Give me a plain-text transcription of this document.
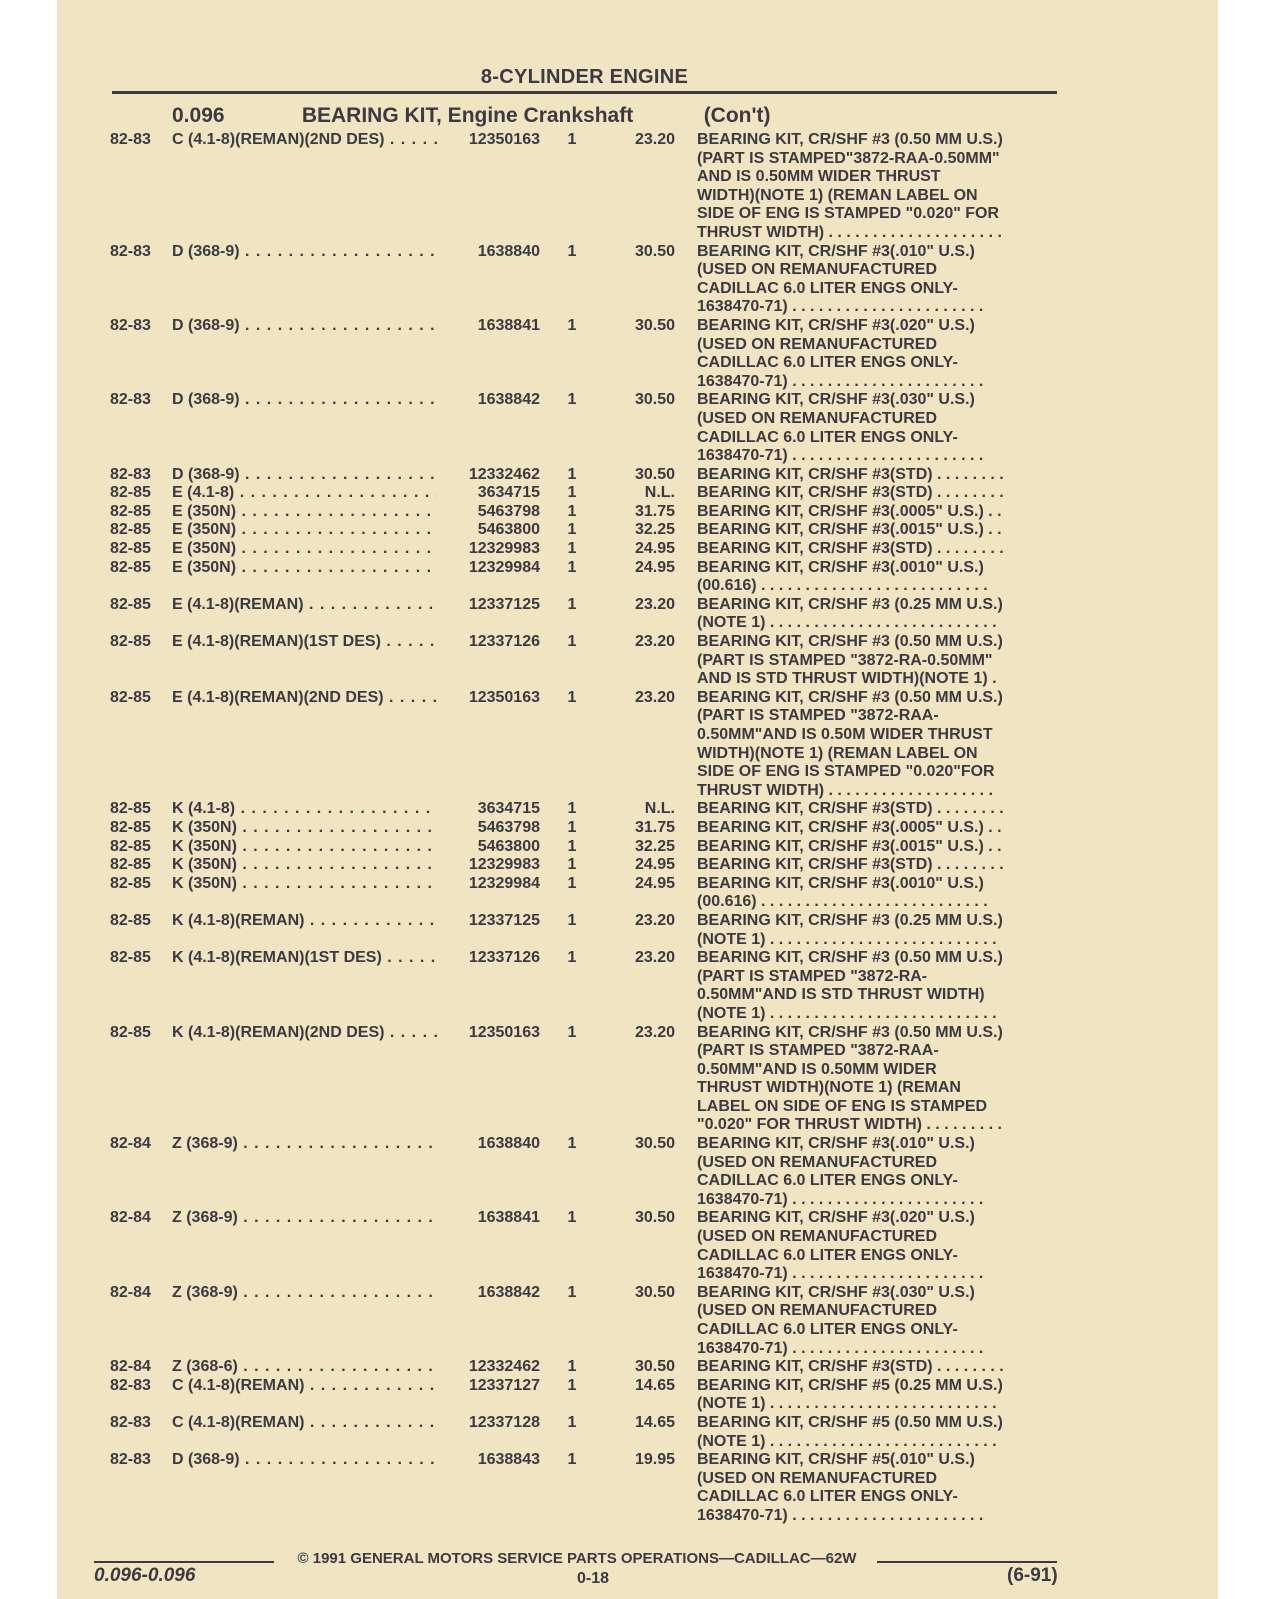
8-CYLINDER ENGINE
0.096	BEARING KIT, Engine Crankshaft	(Con't)
82-83	C (4.1-8)(REMAN)(2ND DES) . . .	12350163	1	23.20 BEARING KIT, CR/SHF #3 (0.50 MM U.S.)
(PART IS STAMPED"3872-RAA-0.50MM"
AND IS 0.50MM WIDER THRUST
WIDTH)(NOTE 1) (REMAN LABEL ON
SIDE OF ENG IS STAMPED "0.020" FOR
THRUST WIDTH) . . . . . . . . . . . . . . . . . . . .
82-83	D (368-9) . . .	1638840	1	30.50 BEARING KIT, CR/SHF #3(.010" U.S.)
(USED ON REMANUFACTURED
CADILLAC 6.0 LITER ENGS ONLY-
1638470-71) . . . . . . . . . . . . . . . . . . . . . .
82-83	D (368-9) . . .	1638841	1	30.50 BEARING KIT, CR/SHF #3(.020" U.S.)
(USED ON REMANUFACTURED
CADILLAC 6.0 LITER ENGS ONLY-
1638470-71) . . . . . . . . . . . . . . . . . . . . . .
82-83	D (368-9) . . .	1638842	1	30.50 BEARING KIT, CR/SHF #3(.030" U.S.)
(USED ON REMANUFACTURED
CADILLAC 6.0 LITER ENGS ONLY-
1638470-71) . . . . . . . . . . . . . . . . . . . . . .
82-83	D (368-9) . . .	12332462	1	30.50 BEARING KIT, CR/SHF #3(STD) . . . . . . . .
82-85	E (4.1-8) . . .	3634715	1	N.L. BEARING KIT, CR/SHF #3(STD) . . . . . . . .
82-85	E (350N) . . .	5463798	1	31.75 BEARING KIT, CR/SHF #3(.0005" U.S.) . .
82-85	E (350N) . . .	5463800	1	32.25 BEARING KIT, CR/SHF #3(.0015" U.S.) . .
82-85	E (350N) . . .	12329983	1	24.95 BEARING KIT, CR/SHF #3(STD) . . . . . . . .
82-85	E (350N) . . .	12329984	1	24.95 BEARING KIT, CR/SHF #3(.0010" U.S.)
(00.616) . . . . . . . . . . . . . . . . . . . . . . . . . .
82-85	E (4.1-8)(REMAN) . . .	12337125	1	23.20 BEARING KIT, CR/SHF #3 (0.25 MM U.S.)
(NOTE 1) . . . . . . . . . . . . . . . . . . . . . . . . . .
82-85	E (4.1-8)(REMAN)(1ST DES) . . .	12337126	1	23.20 BEARING KIT, CR/SHF #3 (0.50 MM U.S.)
(PART IS STAMPED "3872-RA-0.50MM"
AND IS STD THRUST WIDTH)(NOTE 1) .
82-85	E (4.1-8)(REMAN)(2ND DES) . . .	12350163	1	23.20 BEARING KIT, CR/SHF #3 (0.50 MM U.S.)
(PART IS STAMPED "3872-RAA-
0.50MM"AND IS 0.50M WIDER THRUST
WIDTH)(NOTE 1) (REMAN LABEL ON
SIDE OF ENG IS STAMPED "0.020"FOR
THRUST WIDTH) . . . . . . . . . . . . . . . . . . .
82-85	K (4.1-8) . . .	3634715	1	N.L. BEARING KIT, CR/SHF #3(STD) . . . . . . . .
82-85	K (350N) . . .	5463798	1	31.75 BEARING KIT, CR/SHF #3(.0005" U.S.) . .
82-85	K (350N) . . .	5463800	1	32.25 BEARING KIT, CR/SHF #3(.0015" U.S.) . .
82-85	K (350N) . . .	12329983	1	24.95 BEARING KIT, CR/SHF #3(STD) . . . . . . . .
82-85	K (350N) . . .	12329984	1	24.95 BEARING KIT, CR/SHF #3(.0010" U.S.)
(00.616) . . . . . . . . . . . . . . . . . . . . . . . . . .
82-85	K (4.1-8)(REMAN) . . .	12337125	1	23.20 BEARING KIT, CR/SHF #3 (0.25 MM U.S.)
(NOTE 1) . . . . . . . . . . . . . . . . . . . . . . . . . .
82-85	K (4.1-8)(REMAN)(1ST DES) . . .	12337126	1	23.20 BEARING KIT, CR/SHF #3 (0.50 MM U.S.)
(PART IS STAMPED "3872-RA-
0.50MM"AND IS STD THRUST WIDTH)
(NOTE 1) . . . . . . . . . . . . . . . . . . . . . . . . . .
82-85	K (4.1-8)(REMAN)(2ND DES) . . .	12350163	1	23.20 BEARING KIT, CR/SHF #3 (0.50 MM U.S.)
(PART IS STAMPED "3872-RAA-
0.50MM"AND IS 0.50MM WIDER
THRUST WIDTH)(NOTE 1) (REMAN
LABEL ON SIDE OF ENG IS STAMPED
"0.020" FOR THRUST WIDTH) . . . . . . . . .
82-84	Z (368-9) . . .	1638840	1	30.50 BEARING KIT, CR/SHF #3(.010" U.S.)
(USED ON REMANUFACTURED
CADILLAC 6.0 LITER ENGS ONLY-
1638470-71) . . . . . . . . . . . . . . . . . . . . . .
82-84	Z (368-9) . . .	1638841	1	30.50 BEARING KIT, CR/SHF #3(.020" U.S.)
(USED ON REMANUFACTURED
CADILLAC 6.0 LITER ENGS ONLY-
1638470-71) . . . . . . . . . . . . . . . . . . . . . .
82-84	Z (368-9) . . .	1638842	1	30.50 BEARING KIT, CR/SHF #3(.030" U.S.)
(USED ON REMANUFACTURED
CADILLAC 6.0 LITER ENGS ONLY-
1638470-71) . . . . . . . . . . . . . . . . . . . . . .
82-84	Z (368-6) . . .	12332462	1	30.50 BEARING KIT, CR/SHF #3(STD) . . . . . . . .
82-83	C (4.1-8)(REMAN) . . .	12337127	1	14.65 BEARING KIT, CR/SHF #5 (0.25 MM U.S.)
(NOTE 1) . . . . . . . . . . . . . . . . . . . . . . . . . .
82-83	C (4.1-8)(REMAN) . . .	12337128	1	14.65 BEARING KIT, CR/SHF #5 (0.50 MM U.S.)
(NOTE 1) . . . . . . . . . . . . . . . . . . . . . . . . . .
82-83	D (368-9) . . .	1638843	1	19.95 BEARING KIT, CR/SHF #5(.010" U.S.)
(USED ON REMANUFACTURED
CADILLAC 6.0 LITER ENGS ONLY-
1638470-71) . . . . . . . . . . . . . . . . . . . . . .
© 1991 GENERAL MOTORS SERVICE PARTS OPERATIONS—CADILLAC—62W
0.096-0.096	0-18	(6-91)
